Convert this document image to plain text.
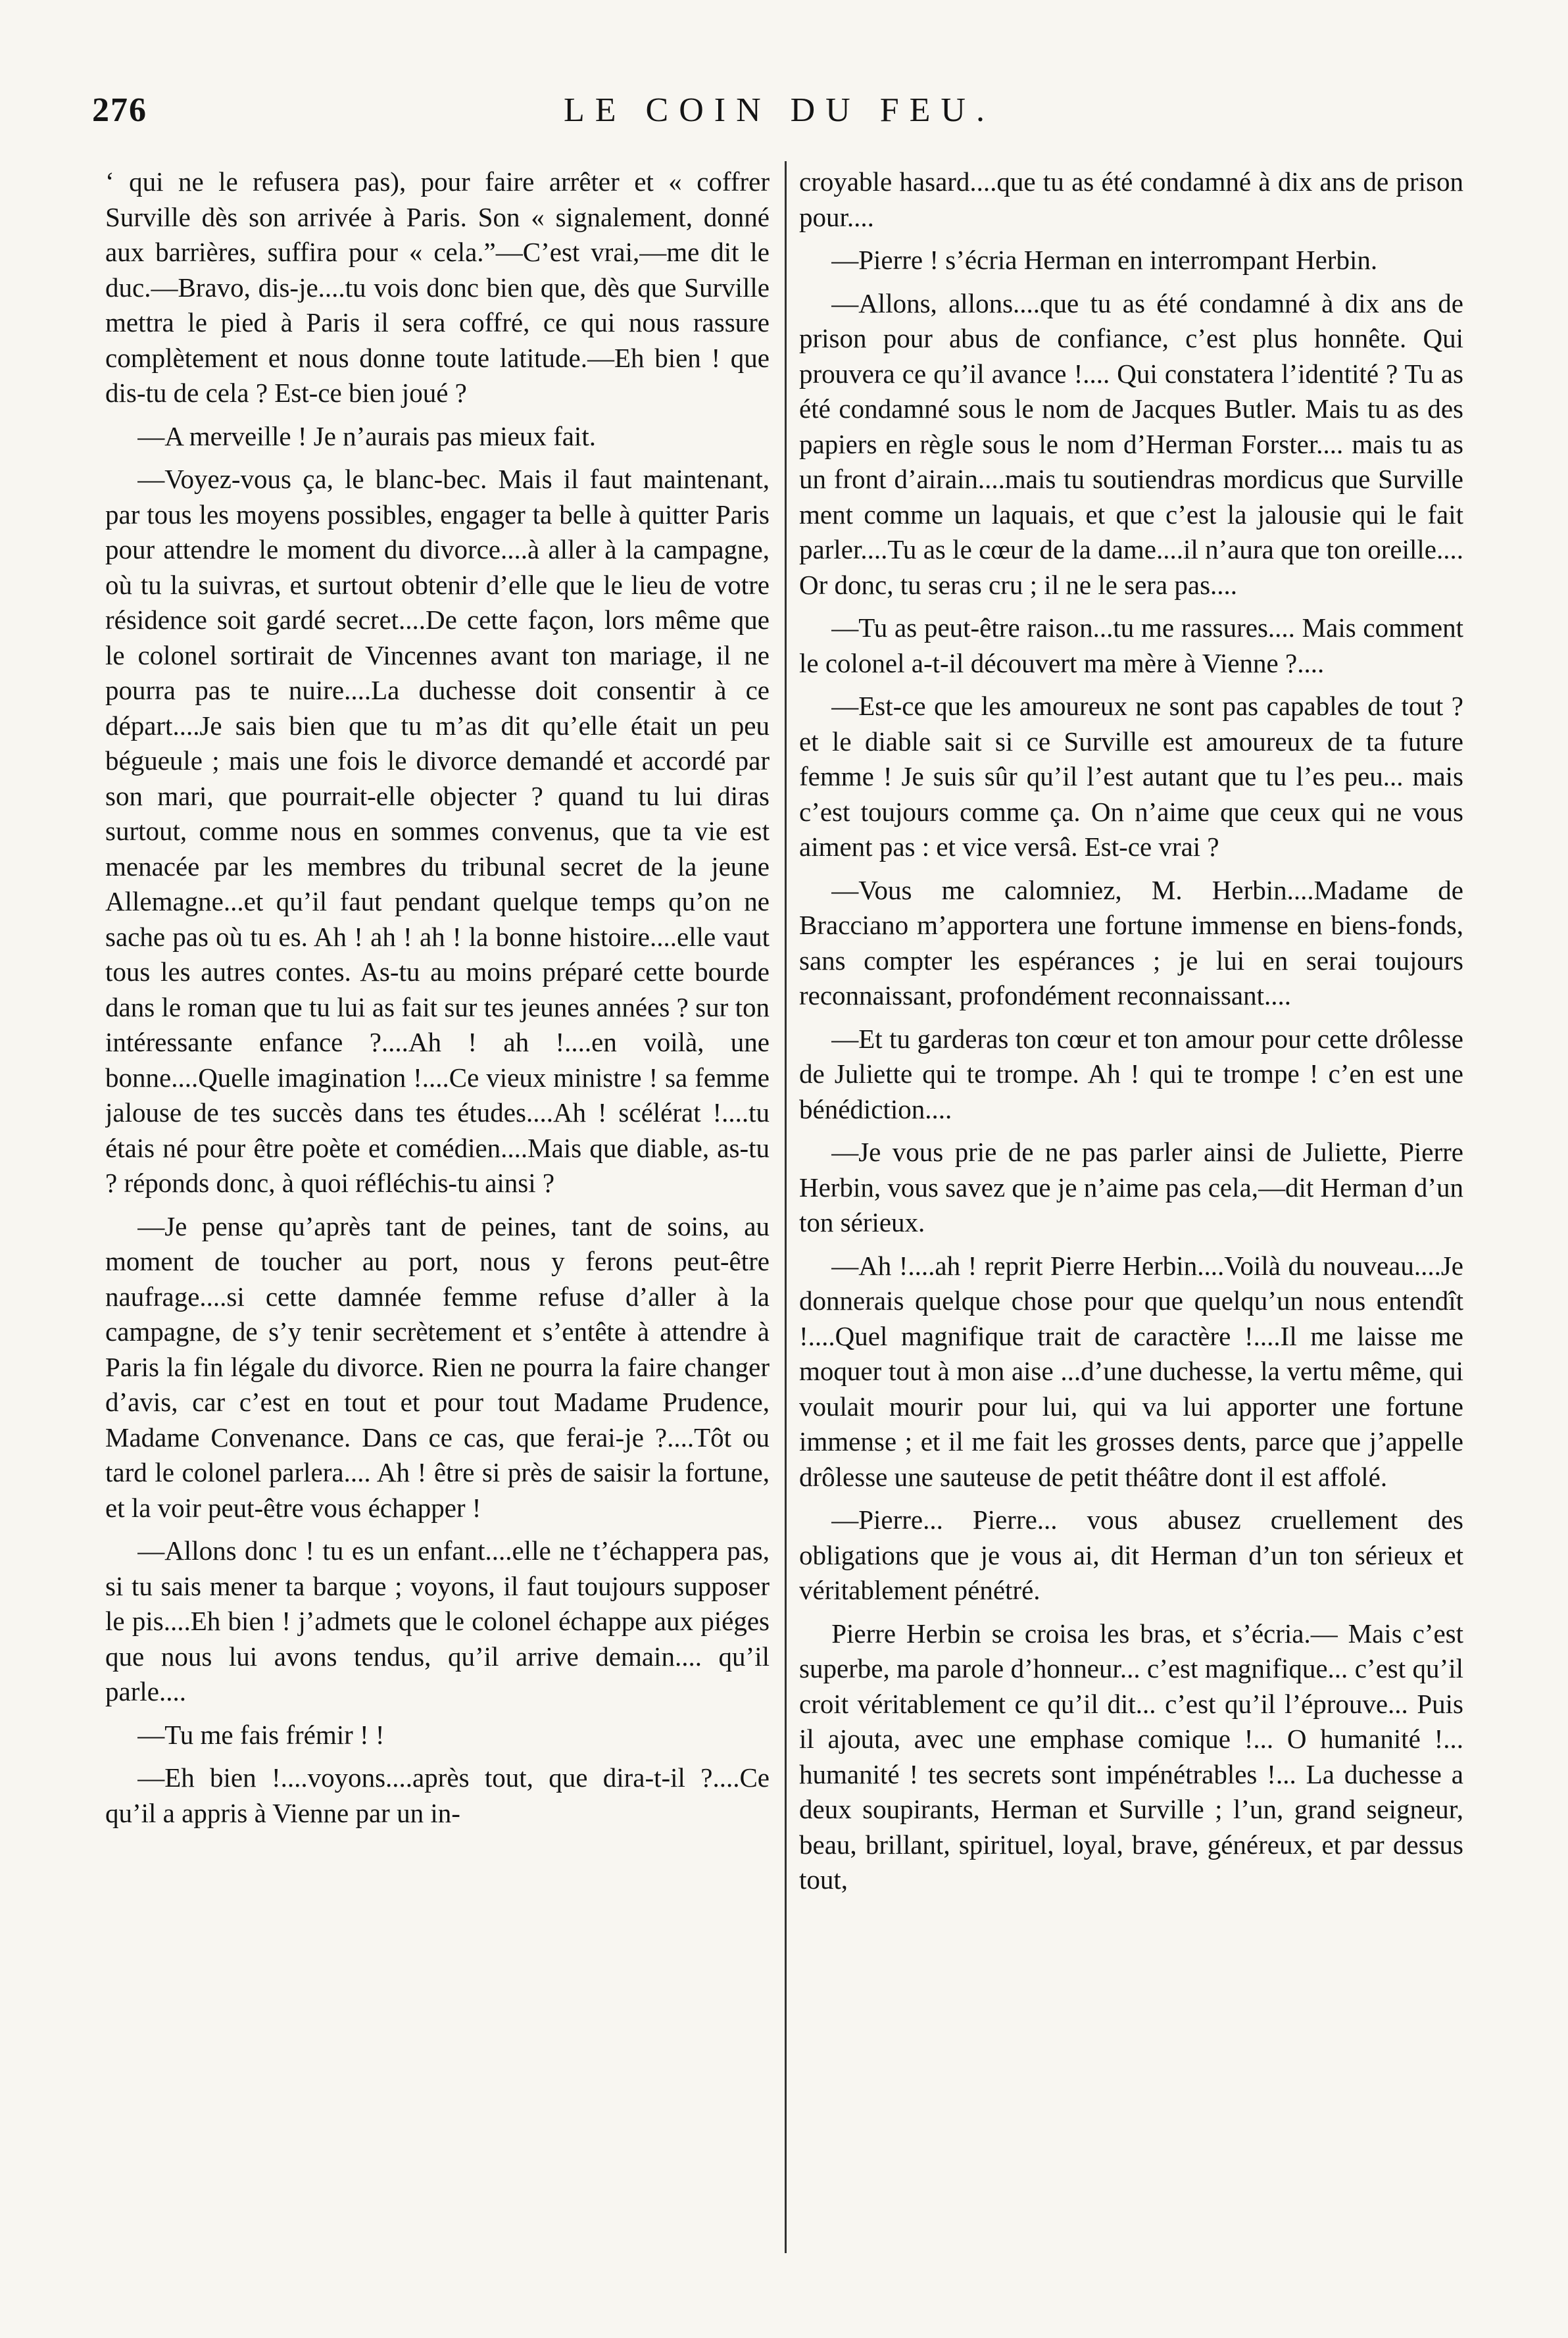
276	LE COIN DU FEU.

‘ qui ne le refusera pas), pour faire arrêter et « coffrer Surville dès son arrivée à Paris. Son « signalement, donné aux barrières, suffira pour « cela.”—C’est vrai,—me dit le duc.—Bravo, dis-je....tu vois donc bien que, dès que Surville mettra le pied à Paris il sera coffré, ce qui nous rassure complètement et nous donne toute latitude.—Eh bien ! que dis-tu de cela ? Est-ce bien joué ?

—A merveille ! Je n’aurais pas mieux fait.

—Voyez-vous ça, le blanc-bec. Mais il faut maintenant, par tous les moyens possibles, engager ta belle à quitter Paris pour attendre le moment du divorce....à aller à la campagne, où tu la suivras, et surtout obtenir d’elle que le lieu de votre résidence soit gardé secret....De cette façon, lors même que le colonel sortirait de Vincennes avant ton mariage, il ne pourra pas te nuire....La duchesse doit consentir à ce départ....Je sais bien que tu m’as dit qu’elle était un peu bégueule ; mais une fois le divorce demandé et accordé par son mari, que pourrait-elle objecter ? quand tu lui diras surtout, comme nous en sommes convenus, que ta vie est menacée par les membres du tribunal secret de la jeune Allemagne...et qu’il faut pendant quelque temps qu’on ne sache pas où tu es. Ah ! ah ! ah ! la bonne histoire....elle vaut tous les autres contes. As-tu au moins préparé cette bourde dans le roman que tu lui as fait sur tes jeunes années ? sur ton intéressante enfance ?....Ah ! ah !....en voilà, une bonne....Quelle imagination !....Ce vieux ministre ! sa femme jalouse de tes succès dans tes études....Ah ! scélérat !....tu étais né pour être poète et comédien....Mais que diable, as-tu ? réponds donc, à quoi réfléchis-tu ainsi ?

—Je pense qu’après tant de peines, tant de soins, au moment de toucher au port, nous y ferons peut-être naufrage....si cette damnée femme refuse d’aller à la campagne, de s’y tenir secrètement et s’entête à attendre à Paris la fin légale du divorce. Rien ne pourra la faire changer d’avis, car c’est en tout et pour tout Madame Prudence, Madame Convenance. Dans ce cas, que ferai-je ?....Tôt ou tard le colonel parlera.... Ah ! être si près de saisir la fortune, et la voir peut-être vous échapper !

—Allons donc ! tu es un enfant....elle ne t’échappera pas, si tu sais mener ta barque ; voyons, il faut toujours supposer le pis....Eh bien ! j’admets que le colonel échappe aux piéges que nous lui avons tendus, qu’il arrive demain.... qu’il parle....

—Tu me fais frémir ! !

—Eh bien !....voyons....après tout, que dira-t-il ?....Ce qu’il a appris à Vienne par un in-

croyable hasard....que tu as été condamné à dix ans de prison pour....

—Pierre ! s’écria Herman en interrompant Herbin.

—Allons, allons....que tu as été condamné à dix ans de prison pour abus de confiance, c’est plus honnête. Qui prouvera ce qu’il avance !.... Qui constatera l’identité ? Tu as été condamné sous le nom de Jacques Butler. Mais tu as des papiers en règle sous le nom d’Herman Forster.... mais tu as un front d’airain....mais tu soutiendras mordicus que Surville ment comme un laquais, et que c’est la jalousie qui le fait parler....Tu as le cœur de la dame....il n’aura que ton oreille.... Or donc, tu seras cru ; il ne le sera pas....

—Tu as peut-être raison...tu me rassures.... Mais comment le colonel a-t-il découvert ma mère à Vienne ?....

—Est-ce que les amoureux ne sont pas capables de tout ? et le diable sait si ce Surville est amoureux de ta future femme ! Je suis sûr qu’il l’est autant que tu l’es peu... mais c’est toujours comme ça. On n’aime que ceux qui ne vous aiment pas : et vice versâ. Est-ce vrai ?

—Vous me calomniez, M. Herbin....Madame de Bracciano m’apportera une fortune immense en biens-fonds, sans compter les espérances ; je lui en serai toujours reconnaissant, profondément reconnaissant....

—Et tu garderas ton cœur et ton amour pour cette drôlesse de Juliette qui te trompe. Ah ! qui te trompe ! c’en est une bénédiction....

—Je vous prie de ne pas parler ainsi de Juliette, Pierre Herbin, vous savez que je n’aime pas cela,—dit Herman d’un ton sérieux.

—Ah !....ah ! reprit Pierre Herbin....Voilà du nouveau....Je donnerais quelque chose pour que quelqu’un nous entendît !....Quel magnifique trait de caractère !....Il me laisse me moquer tout à mon aise ...d’une duchesse, la vertu même, qui voulait mourir pour lui, qui va lui apporter une fortune immense ; et il me fait les grosses dents, parce que j’appelle drôlesse une sauteuse de petit théâtre dont il est affolé.

—Pierre... Pierre... vous abusez cruellement des obligations que je vous ai, dit Herman d’un ton sérieux et véritablement pénétré.

Pierre Herbin se croisa les bras, et s’écria.— Mais c’est superbe, ma parole d’honneur... c’est magnifique... c’est qu’il croit véritablement ce qu’il dit... c’est qu’il l’éprouve... Puis il ajouta, avec une emphase comique !... O humanité !... humanité ! tes secrets sont impénétrables !... La duchesse a deux soupirants, Herman et Surville ; l’un, grand seigneur, beau, brillant, spirituel, loyal, brave, généreux, et par dessus tout,
